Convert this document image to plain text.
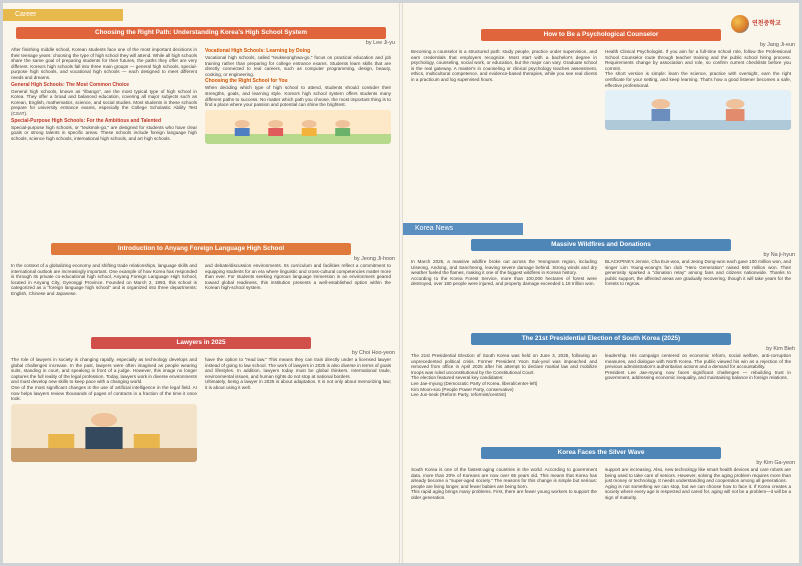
Career
Choosing the Right Path: Understanding Korea's High School System
by Lee Ji-yu
After finishing middle school, Korean students face one of the most important decisions in their teenage years: choosing the type of high school they will attend. While all high schools share the same goal of preparing students for their futures, the paths they offer are very different. Korea's high schools fall into three main groups — general high schools, special-purpose high schools, and vocational high schools — each designed to meet different needs and dreams.
General High Schools: The Most Common Choice
General high schools, known as "ilbango", are the most typical type of high school in Korea. They offer a broad and balanced education, covering all major subjects such as Korean, English, mathematics, science, and social studies. Most students in these schools prepare for university entrance exams, especially the College Scholastic Ability Test (CSAT).
Special-Purpose High Schools: For the Ambitious and Talented
Special-purpose high schools, or "teukmok-go," are designed for students who have clear goals or strong talents in specific areas. These schools include foreign language high schools, science high schools, international high schools, and art high schools.
Vocational High Schools: Learning by Doing
Vocational high schools, called "teukseonghwa-go," focus on practical education and job training rather than preparing for college entrance exams. Students learn skills that are directly connected to real careers, such as computer programming, design, beauty, cooking, or engineering.
Choosing the Right School for You
When deciding which type of high school to attend, students should consider their strengths, goals, and learning style. Korea's high school system offers students many different paths to success. No matter which path you choose, the most important thing is to find a place where your passion and potential can shine the brightest.
Introduction to Anyang Foreign Language High School
by Jeong Ji-hoon
In the context of a globalizing economy and shifting trade relationships, language skills and international outlook are increasingly important. One example of how Korea has responded is through its private co-educational high school, Anyang Foreign Language High School, located in Anyang City, Gyeonggi Province. Founded on March 2, 1993, this school is categorized as a "foreign language high school" and is organized into three departments: English, Chinese and Japanese.
and debate/discussion environments. Its curriculum and facilities reflect a commitment to equipping students for an era where linguistic and cross-cultural competencies matter more than ever. For students seeking rigorous language immersion in an environment geared toward global readiness, this institution presents a well-established option within the Korean high-school system.
Lawyers in 2025
by Choi Hoo-yeon
The role of lawyers in society is changing rapidly, especially as technology develops and global challenges increase. In the past, lawyers were often imagined as people wearing suits, standing in court, and speaking in front of a judge. However, this image no longer captures the full reality of the legal profession. Today, lawyers work in diverse environments and must develop new skills to keep pace with a changing world.
One of the most significant changes is the use of artificial intelligence in the legal field. AI now helps lawyers review thousands of pages of contracts in a fraction of the time it once took.
have the option to "read law." This means they can train directly under a licensed lawyer instead of going to law school. The work of lawyers in 2025 is also diverse in terms of goals and lifestyles. In addition, lawyers today must be global thinkers. International trade, environmental issues, and human rights do not stop at national borders.
Ultimately, being a lawyer in 2025 is about adaptation. It is not only about memorizing law; it is about using it well.
연천중학교
How to Be a Psychological Counselor
by Jang Ji-eun
Becoming a counselor is a structured path: study people, practice under supervision, and earn credentials that employers recognize. Most start with a bachelor's degree in psychology, counseling, social work, or education, but the major can vary. Graduate school is the real gateway. A master's in counseling or clinical psychology teaches assessment, ethics, multicultural competence, and evidence-based therapies, while you see real clients in a practicum and log supervised hours.
Health Clinical Psychologist. If you aim for a full-time school role, follow the Professional School Counselor route through teacher training and the public school hiring process. Requirements change by association and role, so confirm current checklists before you commit.
The short version is simple: learn the science, practice with oversight, earn the right certificate for your setting, and keep learning. That's how a good listener becomes a safe, effective professional.
Korea News
Massive Wildfires and Donations
by Na ji-hyun
In March 2025, a massive wildfire broke out across the Yeongnam region, including Uiseong, Andong, and Sancheong, leaving severe damage behind. Strong winds and dry weather fueled the flames, making it one of the biggest wildfires in Korean history.
According to the Korea Forest Service, more than 100,000 hectares of forest were destroyed, over 180 people were injured, and property damage exceeded 1.18 trillion won.
BLACKPINK's Jennie, Cha Eun-woo, and Jeong Dong-won each gave 100 million won, and singer Lim Young-woong's fan club "Hero Generation" raised 560 million won. Their generosity sparked a "donation relay" among fans and citizens nationwide. Thanks to public support, the affected areas are gradually recovering, though it will take years for the forests to regrow.
The 21st Presidential Election of South Korea (2025)
by Kim Bieh
The 21st Presidential Election of South Korea was held on June 3, 2025, following an unprecedented political crisis. Former President Yoon Suk-yeol was impeached and removed from office in April 2025 after his attempt to declare martial law and mobilize troops was ruled unconstitutional by the Constitutional Court.
The election featured several key candidates:
Lee Jae-myung (Democratic Party of Korea, liberal/center-left)
Kim Moon-soo (People Power Party, conservative)
Lee Jun-seok (Reform Party, reformist/centrist)
leadership. His campaign centered on economic reform, social welfare, anti-corruption measures, and dialogue with North Korea. The public viewed his win as a rejection of the previous administration's authoritarian actions and a demand for accountability.
President Lee Jae-myung now faces significant challenges — rebuilding trust in government, addressing economic inequality, and maintaining balance in foreign relations.
Korea Faces the Silver Wave
by Kim Ga-yeon
South Korea is one of the fastest-aging countries in the world. According to government data, more than 20% of Koreans are now over 65 years old. This means that Korea has already become a "super-aged society." The reasons for this change is simple but serious: people are living longer, and fewer babies are being born.
This rapid aging brings many problems. First, there are fewer young workers to support the older generation.
support are increasing. Also, new technology like smart health devices and care robots are being used to take care of seniors. However, solving the aging problem requires more than just money or technology. It needs understanding and cooperation among all generations.
Aging is not something we can stop, but we can choose how to face it. If Korea creates a society where every age is respected and cared for, aging will not be a problem—it will be a sign of maturity.
